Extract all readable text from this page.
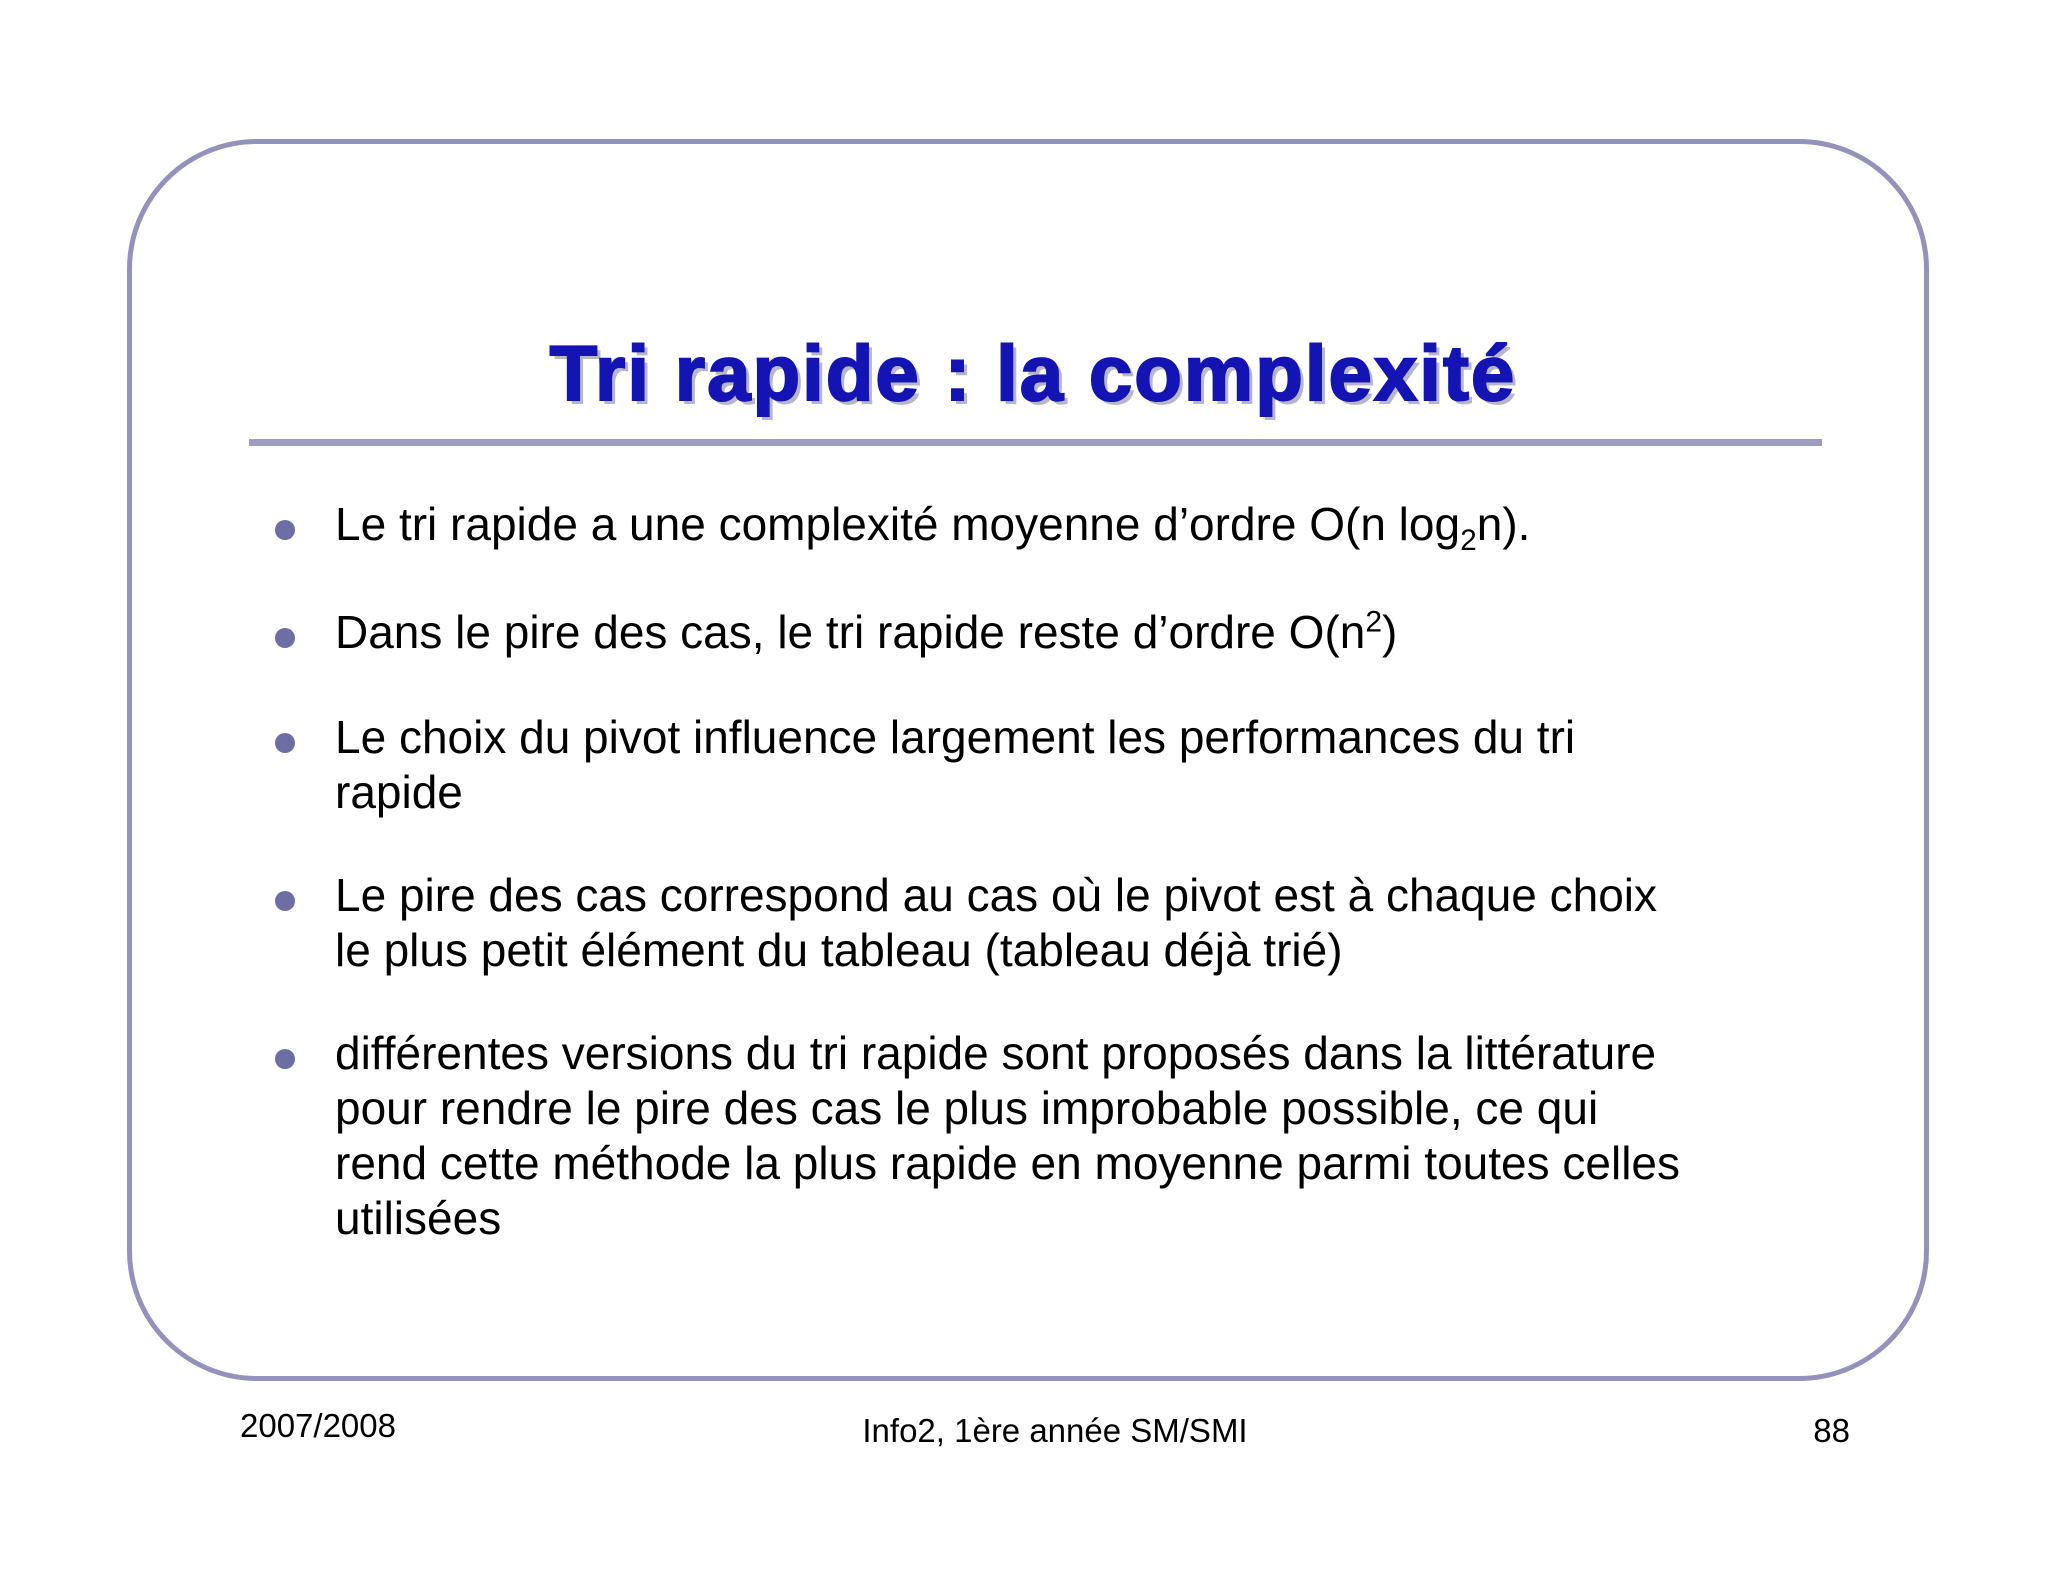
Tri rapide : la complexité
Le tri rapide a une complexité moyenne d’ordre O(n $\log_2n$).
Dans le pire des cas, le tri rapide reste d’ordre $O(n^2)$
Le choix du pivot influence largement les performances du tri
rapide
Le pire des cas correspond au cas où le pivot est à chaque choix
le plus petit élément du tableau (tableau déjà trié)
différentes versions du tri rapide sont proposés dans la littérature
pour rendre le pire des cas le plus improbable possible, ce qui
rend cette méthode la plus rapide en moyenne parmi toutes celles
utilisées
2007/2008	Info2, 1ère année SM/SMI	88
